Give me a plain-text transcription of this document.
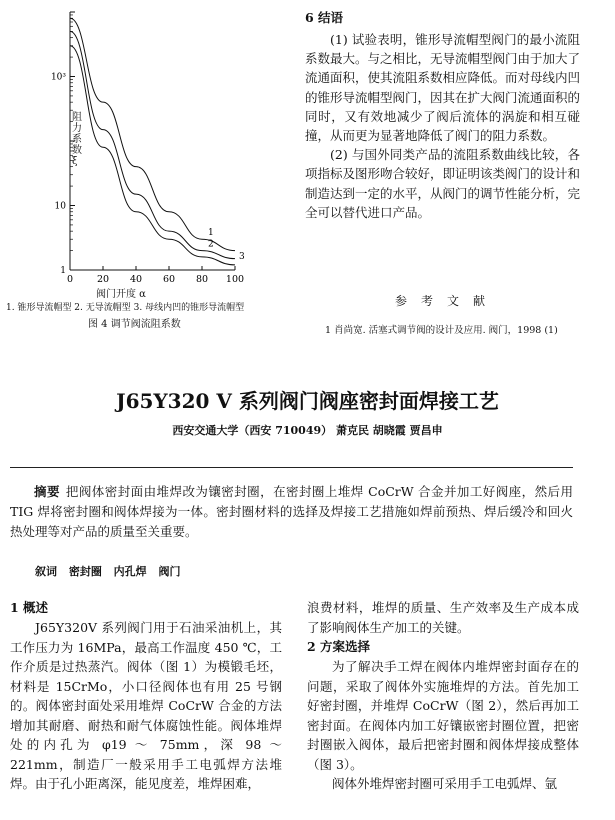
10³
10
1
0	20 40 60 80 100
1
2
3
阻力系数ξ
阀门开度 α
1. 锥形导流帽型 2. 无导流帽型 3. 母线内凹的锥形导流帽型
图 4 调节阀流阻系数
6 结语

(1) 试验表明，锥形导流帽型阀门的最小流阻系数最大。与之相比，无导流帽型阀门由于加大了流通面积，使其流阻系数相应降低。而对母线内凹的锥形导流帽型阀门，因其在扩大阀门流通面积的同时，又有效地减少了阀后流体的涡旋和相互碰撞，从而更为显著地降低了阀门的阻力系数。

(2) 与国外同类产品的流阻系数曲线比较，各项指标及图形吻合较好，即证明该类阀门的设计和制造达到一定的水平，从阀门的调节性能分析，完全可以替代进口产品。

参考文献
1 肖尚宽. 活塞式调节阀的设计及应用. 阀门，1998 (1)
J65Y320 V 系列阀门阀座密封面焊接工艺
西安交通大学（西安 710049） 萧克民 胡晓霞 贾昌申
摘要 把阀体密封面由堆焊改为镶密封圈，在密封圈上堆焊 CoCrW 合金并加工好阀座，然后用 TIG 焊将密封圈和阀体焊接为一体。密封圈材料的选择及焊接工艺措施如焊前预热、焊后缓冷和回火热处理等对产品的质量至关重要。
叙词 密封圈 内孔焊 阀门
1 概述

J65Y320V 系列阀门用于石油采油机上，其工作压力为 16MPa，最高工作温度 450 ℃，工作介质是过热蒸汽。阀体（图 1）为模锻毛坯，材料是 15CrMo，小口径阀体也有用 25 号钢的。阀体密封面处采用堆焊 CoCrW 合金的方法增加其耐磨、耐热和耐气体腐蚀性能。阀体堆焊处的内孔为 φ19 ～ 75mm，深 98 ～ 221mm，制造厂一般采用手工电弧焊方法堆焊。由于孔小距离深，能见度差，堆焊困难，

浪费材料，堆焊的质量、生产效率及生产成本成了影响阀体生产加工的关键。

2 方案选择

为了解决手工焊在阀体内堆焊密封面存在的问题，采取了阀体外实施堆焊的方法。首先加工好密封圈，并堆焊 CoCrW（图 2），然后再加工密封面。在阀体内加工好镶嵌密封圈位置，把密封圈嵌入阀体，最后把密封圈和阀体焊接成整体（图 3）。

阀体外堆焊密封圈可采用手工电弧焊、氩
